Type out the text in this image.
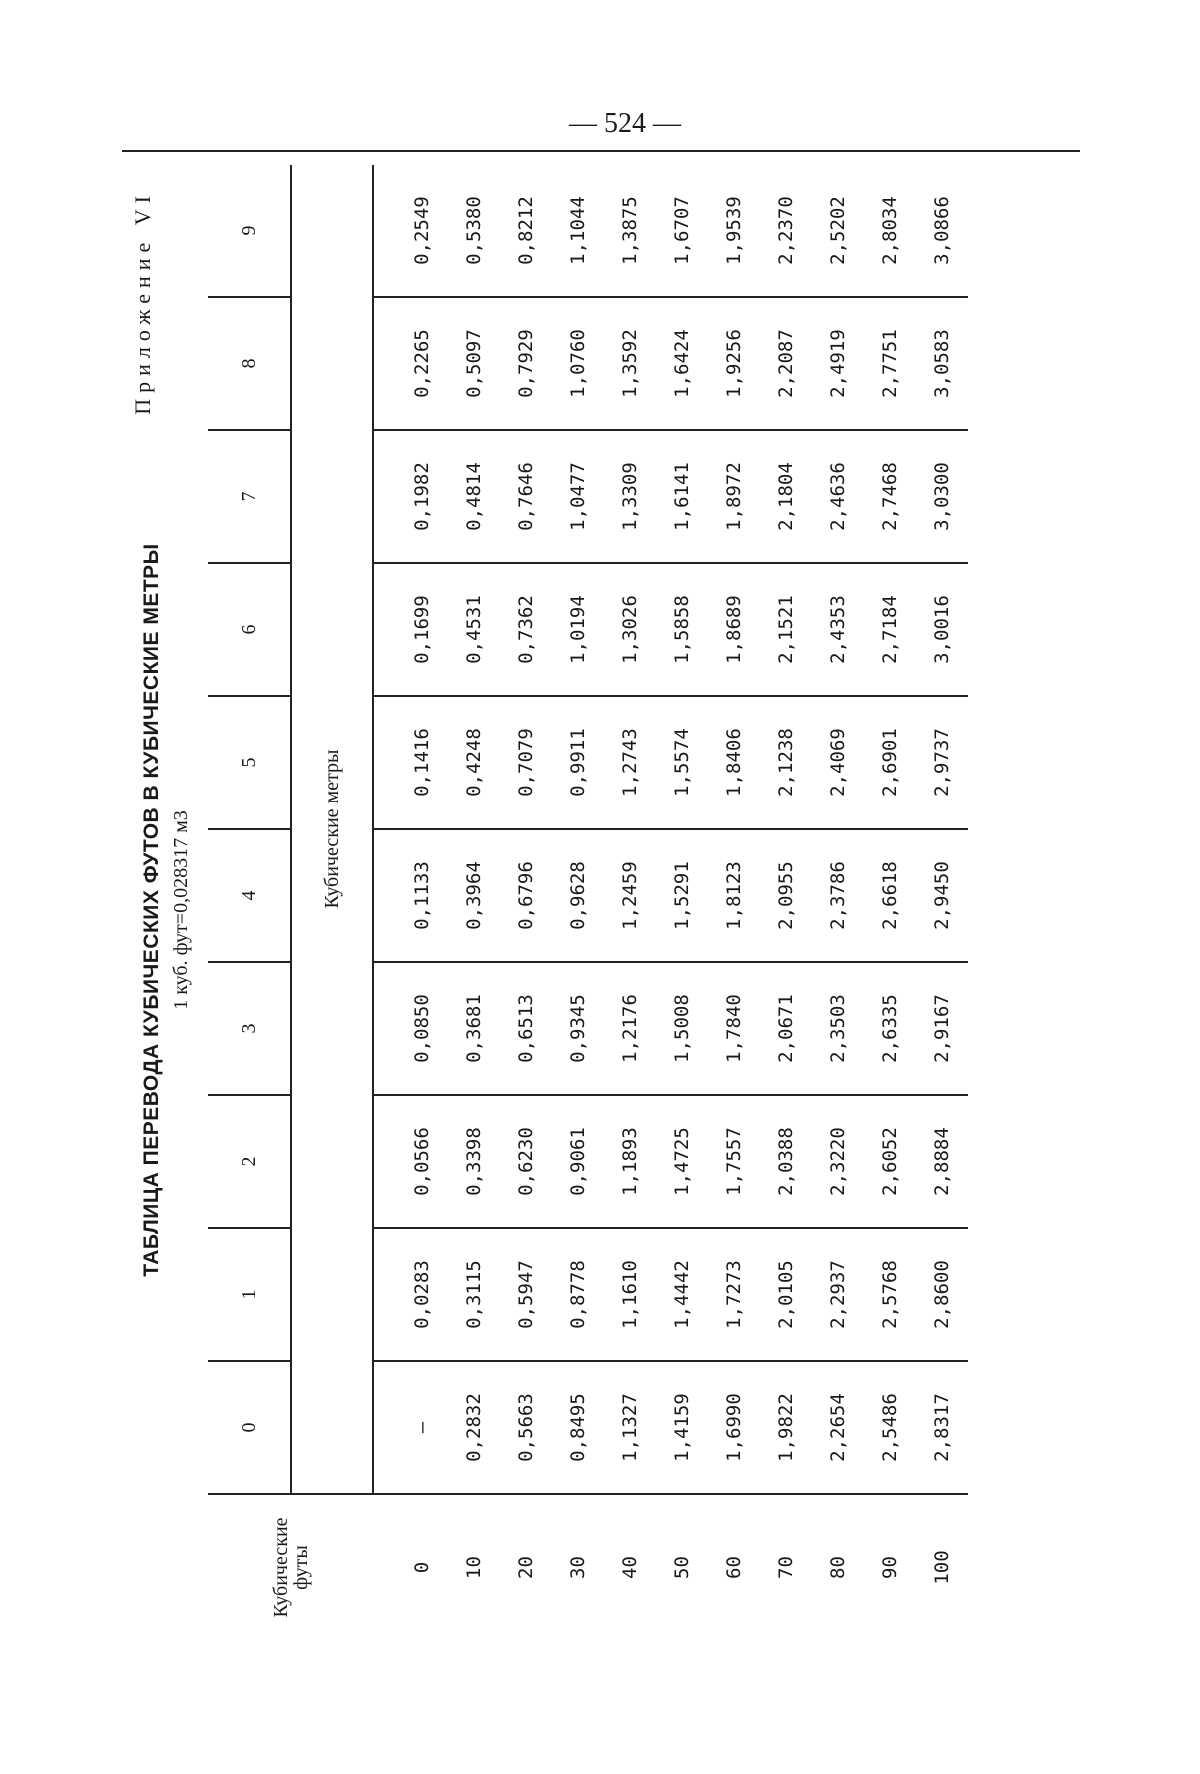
— 524 —
Приложение VI
ТАБЛИЦА ПЕРЕВОДА КУБИЧЕСКИХ ФУТОВ В КУБИЧЕСКИЕ МЕТРЫ 1 куб. фут=0,028317 м3
Кубические футы	0	1	2	3	4	5	6	7	8	9
	Кубические метры									
0	—	0,0283	0,0566	0,0850	0,1133	0,1416	0,1699	0,1982	0,2265	0,2549
10	0,2832	0,3115	0,3398	0,3681	0,3964	0,4248	0,4531	0,4814	0,5097	0,5380
20	0,5663	0,5947	0,6230	0,6513	0,6796	0,7079	0,7362	0,7646	0,7929	0,8212
30	0,8495	0,8778	0,9061	0,9345	0,9628	0,9911	1,0194	1,0477	1,0760	1,1044
40	1,1327	1,1610	1,1893	1,2176	1,2459	1,2743	1,3026	1,3309	1,3592	1,3875
50	1,4159	1,4442	1,4725	1,5008	1,5291	1,5574	1,5858	1,6141	1,6424	1,6707
60	1,6990	1,7273	1,7557	1,7840	1,8123	1,8406	1,8689	1,8972	1,9256	1,9539
70	1,9822	2,0105	2,0388	2,0671	2,0955	2,1238	2,1521	2,1804	2,2087	2,2370
80	2,2654	2,2937	2,3220	2,3503	2,3786	2,4069	2,4353	2,4636	2,4919	2,5202
90	2,5486	2,5768	2,6052	2,6335	2,6618	2,6901	2,7184	2,7468	2,7751	2,8034
100	2,8317	2,8600	2,8884	2,9167	2,9450	2,9737	3,0016	3,0300	3,0583	3,0866
